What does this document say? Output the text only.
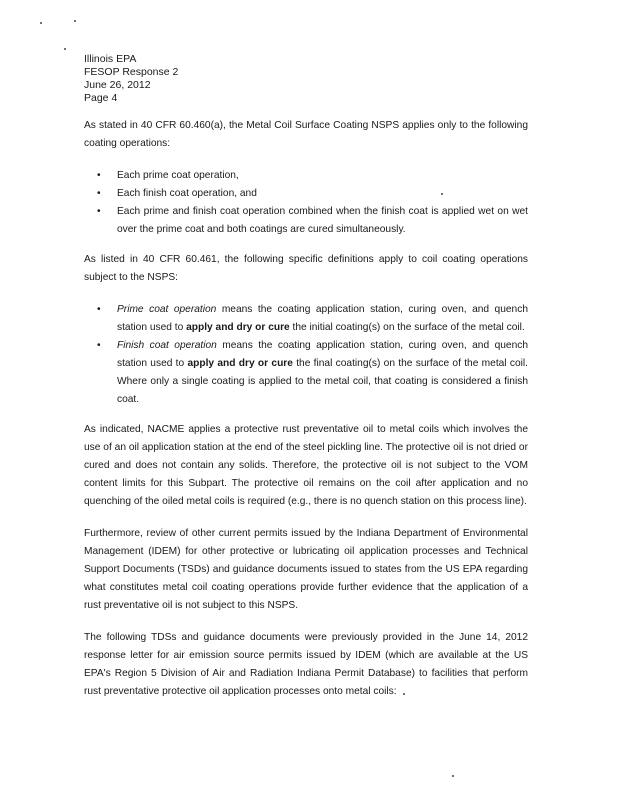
Illinois EPA
FESOP Response 2
June 26, 2012
Page 4

As stated in 40 CFR 60.460(a), the Metal Coil Surface Coating NSPS applies only to the following coating operations:

• Each prime coat operation,
• Each finish coat operation, and
• Each prime and finish coat operation combined when the finish coat is applied wet on wet over the prime coat and both coatings are cured simultaneously.

As listed in 40 CFR 60.461, the following specific definitions apply to coil coating operations subject to the NSPS:

• Prime coat operation means the coating application station, curing oven, and quench station used to apply and dry or cure the initial coating(s) on the surface of the metal coil.
• Finish coat operation means the coating application station, curing oven, and quench station used to apply and dry or cure the final coating(s) on the surface of the metal coil. Where only a single coating is applied to the metal coil, that coating is considered a finish coat.

As indicated, NACME applies a protective rust preventative oil to metal coils which involves the use of an oil application station at the end of the steel pickling line. The protective oil is not dried or cured and does not contain any solids. Therefore, the protective oil is not subject to the VOM content limits for this Subpart. The protective oil remains on the coil after application and no quenching of the oiled metal coils is required (e.g., there is no quench station on this process line).

Furthermore, review of other current permits issued by the Indiana Department of Environmental Management (IDEM) for other protective or lubricating oil application processes and Technical Support Documents (TSDs) and guidance documents issued to states from the US EPA regarding what constitutes metal coil coating operations provide further evidence that the application of a rust preventative oil is not subject to this NSPS.

The following TDSs and guidance documents were previously provided in the June 14, 2012 response letter for air emission source permits issued by IDEM (which are available at the US EPA's Region 5 Division of Air and Radiation Indiana Permit Database) to facilities that perform rust preventative protective oil application processes onto metal coils:
